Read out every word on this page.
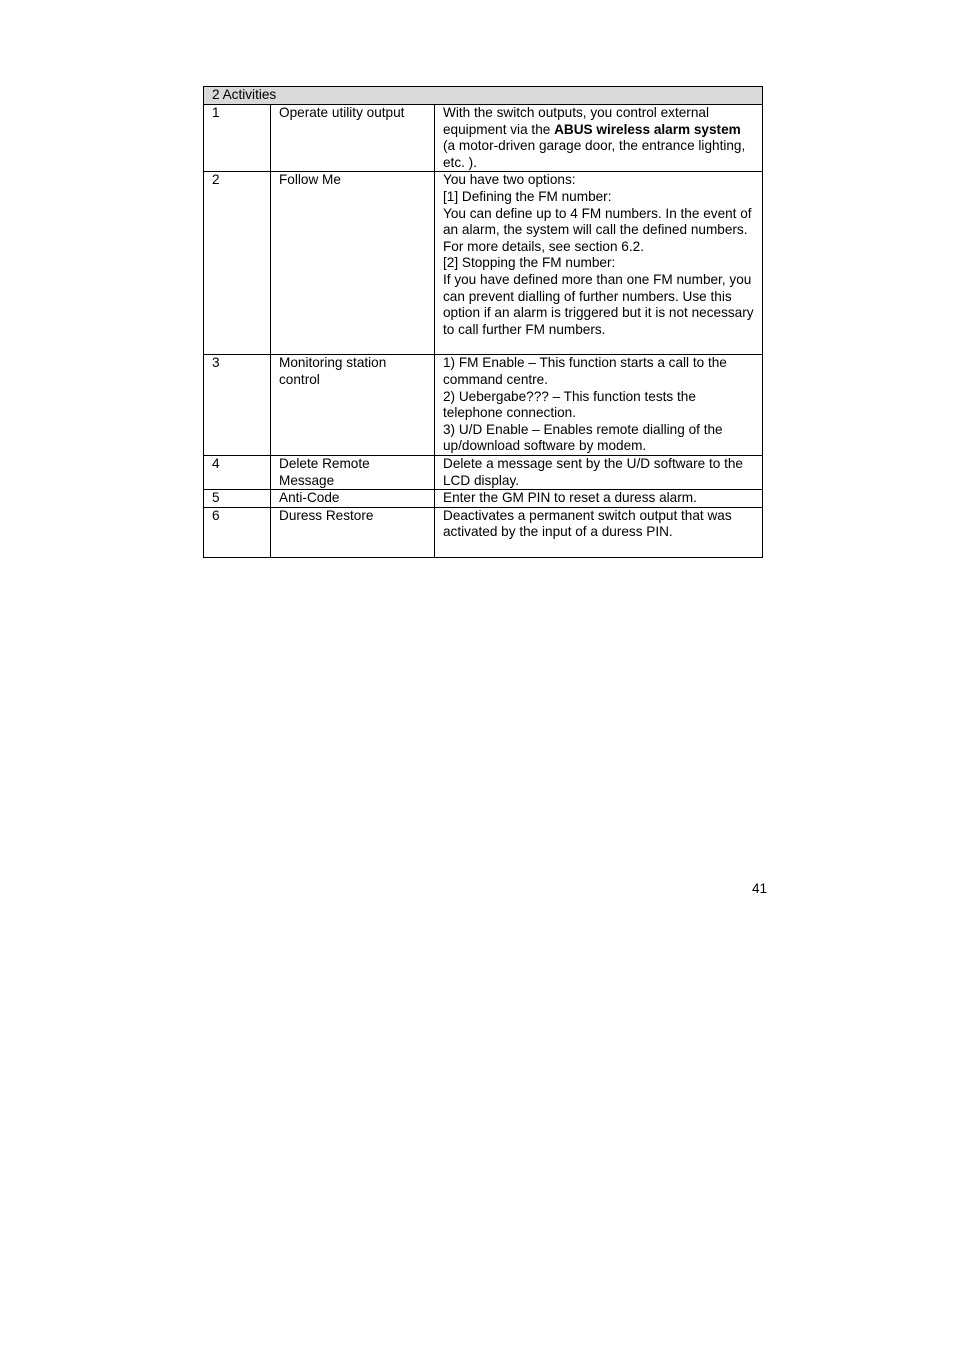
2 Activities		
1	Operate utility output	With the switch outputs, you control external equipment via the ABUS wireless alarm system (a motor-driven garage door, the entrance lighting, etc. ).
2	Follow Me	You have two options:
[1] Defining the FM number:
You can define up to 4 FM numbers. In the event of an alarm, the system will call the defined numbers. For more details, see section 6.2.
[2] Stopping the FM number:
If you have defined more than one FM number, you can prevent dialling of further numbers. Use this option if an alarm is triggered but it is not necessary to call further FM numbers.
3	Monitoring station control	1) FM Enable – This function starts a call to the command centre.
2) Uebergabe??? – This function tests the telephone connection.
3) U/D Enable – Enables remote dialling of the up/download software by modem.
4	Delete Remote Message	Delete a message sent by the U/D software to the LCD display.
5	Anti-Code	Enter the GM PIN to reset a duress alarm.
6	Duress Restore	Deactivates a permanent switch output that was activated by the input of a duress PIN.
41
